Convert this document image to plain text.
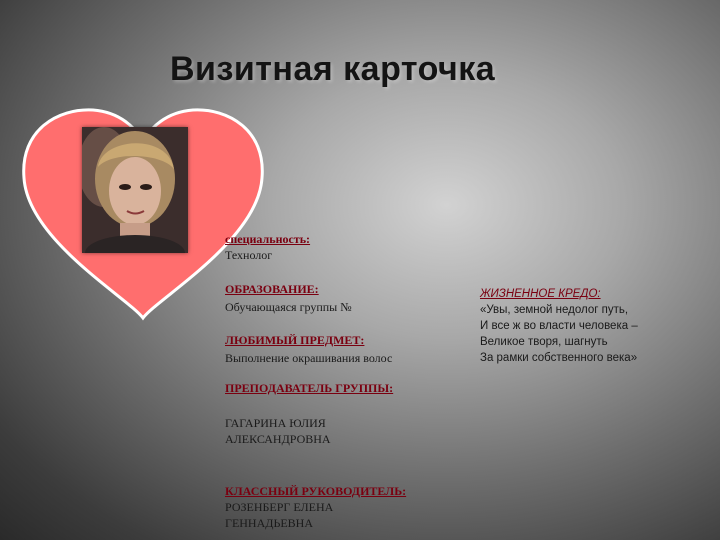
Визитная карточка
специальность:
Технолог
ОБРАЗОВАНИЕ:
Обучающаяся группы №
ЛЮБИМЫЙ ПРЕДМЕТ:
Выполнение окрашивания волос
ПРЕПОДАВАТЕЛЬ ГРУППЫ:
ГАГАРИНА ЮЛИЯ
АЛЕКСАНДРОВНА
КЛАССНЫЙ РУКОВОДИТЕЛЬ:
РОЗЕНБЕРГ ЕЛЕНА
ГЕННАДЬЕВНА
ЖИЗНЕННОЕ КРЕДО:
«Увы, земной недолог путь,
И все ж во власти человека –
Великое творя, шагнуть
За рамки собственного века»
